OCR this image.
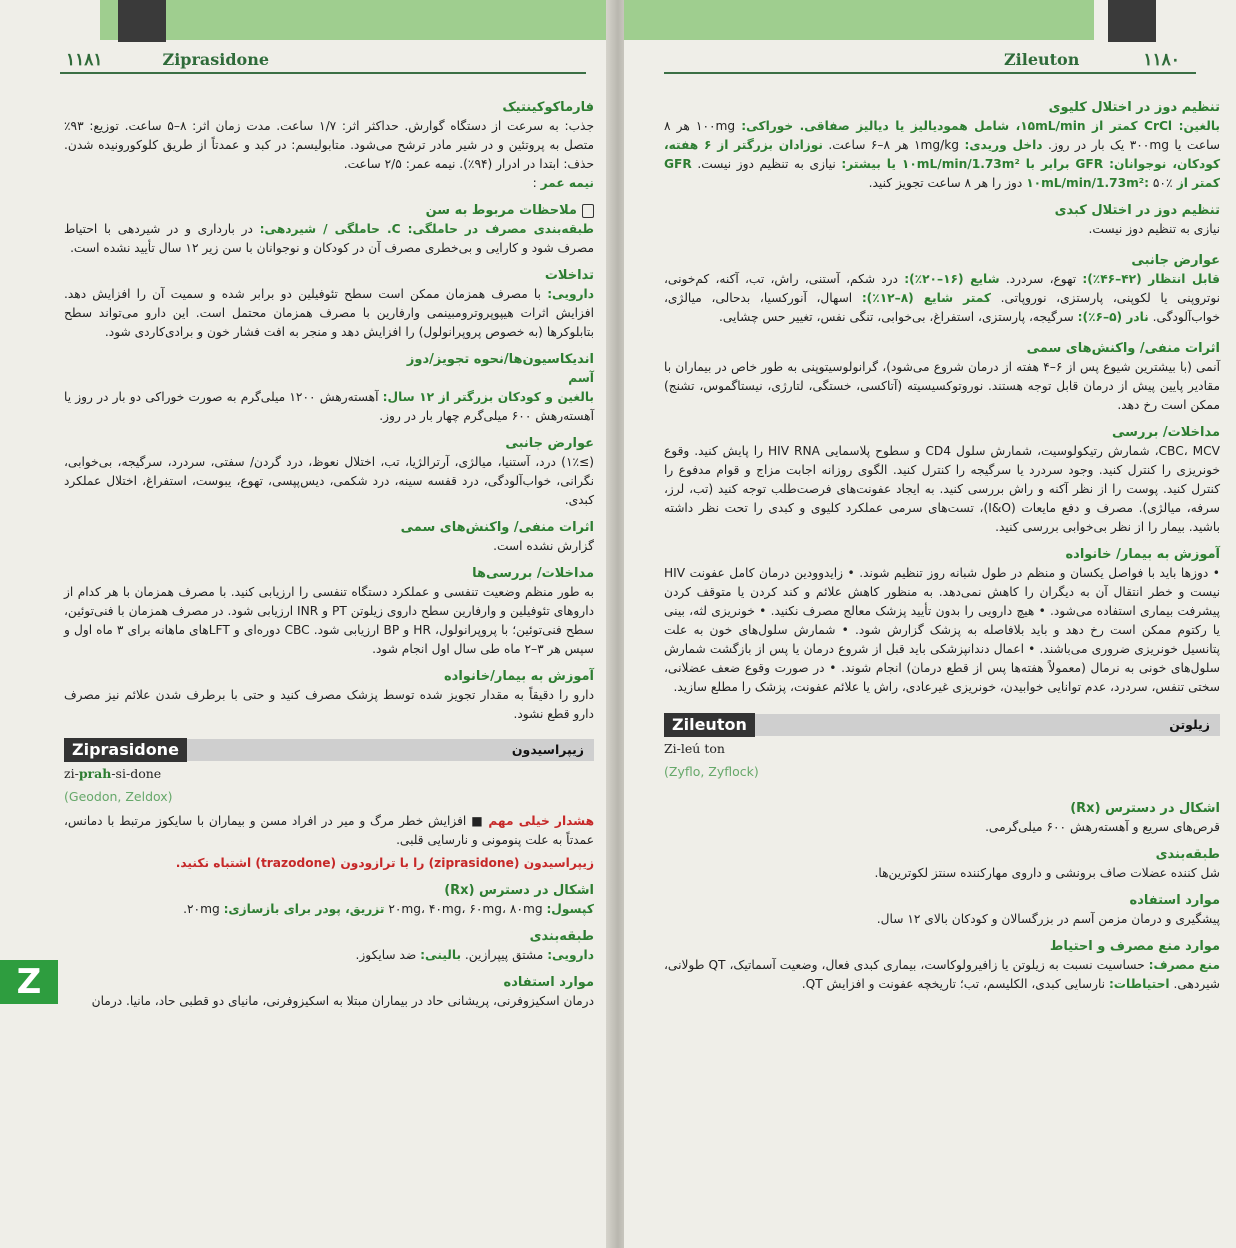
١١٨١	Ziprasidone
Z
فارماکوکینتیک

جذب: به سرعت از دستگاه گوارش. حداکثر اثر: ۱/۷ ساعت. مدت زمان اثر: ۸–۵ ساعت. توزیع: ۹۳٪ متصل به پروتئین و در شیر مادر ترشح می‌شود. متابولیسم: در کبد و عمدتاً از طریق کلوکورونیده شدن. حذف: ابتدا در ادرار (۹۴٪). نیمه عمر: ۲/۵ ساعت.

نیمه عمر :

ملاحظات مربوط به سن

طبقه‌بندی مصرف در حاملگی: C. حاملگی / شیردهی: در بارداری و در شیردهی با احتیاط مصرف شود و کارایی و بی‌خطری مصرف آن در کودکان و نوجوانان با سن زیر ۱۲ سال تأیید نشده است.

تداخلات

دارویی: با مصرف همزمان ممکن است سطح تئوفیلین دو برابر شده و سمیت آن را افزایش دهد. افزایش اثرات هیپوپروترومبینمی وارفارین با مصرف همزمان محتمل است. این دارو می‌تواند سطح بتابلوکرها (به خصوص پروپرانولول) را افزایش دهد و منجر به افت فشار خون و برادی‌کاردی شود.

اندیکاسیون‌ها/نحوه تجویز/دوز

آسم

بالغین و کودکان بزرگتر از ۱۲ سال: آهسته‌رهش ۱۲۰۰ میلی‌گرم به صورت خوراکی دو بار در روز یا آهسته‌رهش ۶۰۰ میلی‌گرم چهار بار در روز.

عوارض جانبی

(≥۱٪) درد، آستنیا، میالژی، آرترالژیا، تب، اختلال نعوظ، درد گردن/ سفتی، سردرد، سرگیجه، بی‌خوابی، نگرانی، خواب‌آلودگی، درد قفسه سینه، درد شکمی، دیس‌پپسی، تهوع، یبوست، استفراغ، اختلال عملکرد کبدی.

اثرات منفی/ واکنش‌های سمی

گزارش نشده است.

مداخلات/ بررسی‌ها

به طور منظم وضعیت تنفسی و عملکرد دستگاه تنفسی را ارزیابی کنید. با مصرف همزمان با هر کدام از داروهای تئوفیلین و وارفارین سطح داروی زیلوتن PT و INR ارزیابی شود. در مصرف همزمان با فنی‌توئین، سطح فنی‌توئین؛ با پروپرانولول، HR و BP ارزیابی شود. CBC دوره‌ای و LFTهای ماهانه برای ۳ ماه اول و سپس هر ۳–۲ ماه طی سال اول انجام شود.

آموزش به بیمار/خانواده

دارو را دقیقاً به مقدار تجویز شده توسط پزشک مصرف کنید و حتی با برطرف شدن علائم نیز مصرف دارو قطع نشود.

Ziprasidone	زیپراسیدون

zi-prah-si-done

(Geodon, Zeldox)

هشدار خیلی مهم ■ افزایش خطر مرگ و میر در افراد مسن و بیماران با سایکوز مرتبط با دمانس، عمدتاً به علت پنومونی و نارسایی قلبی.

زیپراسیدون (ziprasidone) را با ترازودون (trazodone) اشتباه نکنید.

اشکال در دسترس (Rx)

کپسول: ۲۰mg، ۴۰mg، ۶۰mg، ۸۰mg تزریق، پودر برای بازسازی: ۲۰mg.

طبقه‌بندی

دارویی: مشتق پیپرازین. بالینی: ضد سایکوز.

موارد استفاده

درمان اسکیزوفرنی، پریشانی حاد در بیماران مبتلا به اسکیزوفرنی، مانیای دو قطبی حاد، مانیا. درمان

Zileuton	١١٨٠
تنظیم دوز در اختلال کلیوی

بالغین: CrCl کمتر از ۱۵mL/min، شامل همودیالیز یا دیالیز صفاقی. خوراکی: ۱۰۰mg هر ۸ ساعت یا ۳۰۰mg یک بار در روز. داخل وریدی: ۱mg/kg هر ۸–۶ ساعت. نوزادان بزرگتر از ۶ هفته، کودکان، نوجوانان: GFR برابر با ۱۰mL/min/1.73m² یا بیشتر: نیازی به تنظیم دوز نیست. GFR کمتر از ۱۰mL/min/1.73m²: ۵۰٪ دوز را هر ۸ ساعت تجویز کنید.

تنظیم دوز در اختلال کبدی

نیازی به تنظیم دوز نیست.

عوارض جانبی

قابل انتظار (۴۲–۴۶٪): تهوع، سردرد. شایع (۱۶–۲۰٪): درد شکم، آستنی، راش، تب، آکنه، کم‌خونی، نوتروپنی یا لکوپنی، پارستزی، نوروپاتی. کمتر شایع (۸–۱۲٪): اسهال، آنورکسیا، بدحالی، میالژی، خواب‌آلودگی. نادر (۵–۶٪): سرگیجه، پارستزی، استفراغ، بی‌خوابی، تنگی نفس، تغییر حس چشایی.

اثرات منفی/ واکنش‌های سمی

آنمی (با بیشترین شیوع پس از ۶–۴ هفته از درمان شروع می‌شود)، گرانولوسیتوپنی به طور خاص در بیماران با مقادیر پایین پیش از درمان قابل توجه هستند. نوروتوکسیسیته (آتاکسی، خستگی، لتارژی، نیستاگموس، تشنج) ممکن است رخ دهد.

مداخلات/ بررسی

CBC، MCV، شمارش رتیکولوسیت، شمارش سلول CD4 و سطوح پلاسمایی HIV RNA را پایش کنید. وقوع خونریزی را کنترل کنید. وجود سردرد یا سرگیجه را کنترل کنید. الگوی روزانه اجابت مزاج و قوام مدفوع را کنترل کنید. پوست را از نظر آکنه و راش بررسی کنید. به ایجاد عفونت‌های فرصت‌طلب توجه کنید (تب، لرز، سرفه، میالژی). مصرف و دفع مایعات (I&O)، تست‌های سرمی عملکرد کلیوی و کبدی را تحت نظر داشته باشید. بیمار را از نظر بی‌خوابی بررسی کنید.

آموزش به بیمار/ خانواده

• دوزها باید با فواصل یکسان و منظم در طول شبانه روز تنظیم شوند. • زایدوودین درمان کامل عفونت HIV نیست و خطر انتقال آن به دیگران را کاهش نمی‌دهد. به منظور کاهش علائم و کند کردن یا متوقف کردن پیشرفت بیماری استفاده می‌شود. • هیچ دارویی را بدون تأیید پزشک معالج مصرف نکنید. • خونریزی لثه، بینی یا رکتوم ممکن است رخ دهد و باید بلافاصله به پزشک گزارش شود. • شمارش سلول‌های خون به علت پتانسیل خونریزی ضروری می‌باشند. • اعمال دندانپزشکی باید قبل از شروع درمان یا پس از بازگشت شمارش سلول‌های خونی به نرمال (معمولاً هفته‌ها پس از قطع درمان) انجام شوند. • در صورت وقوع ضعف عضلانی، سختی تنفس، سردرد، عدم توانایی خوابیدن، خونریزی غیرعادی، راش یا علائم عفونت، پزشک را مطلع سازید.

Zileuton	زیلوتن

Zi-leú ton

(Zyflo, Zyflock)

اشکال در دسترس (Rx)

قرص‌های سریع و آهسته‌رهش ۶۰۰ میلی‌گرمی.

طبقه‌بندی

شل کننده عضلات صاف برونشی و داروی مهارکننده سنتز لکوترین‌ها.

موارد استفاده

پیشگیری و درمان مزمن آسم در بزرگسالان و کودکان بالای ۱۲ سال.

موارد منع مصرف و احتیاط

منع مصرف: حساسیت نسبت به زیلوتن یا زافیرولوکاست، بیماری کبدی فعال، وضعیت آسماتیک، QT طولانی، شیردهی. احتیاطات: نارسایی کبدی، الکلیسم، تب؛ تاریخچه عفونت و افزایش QT.
